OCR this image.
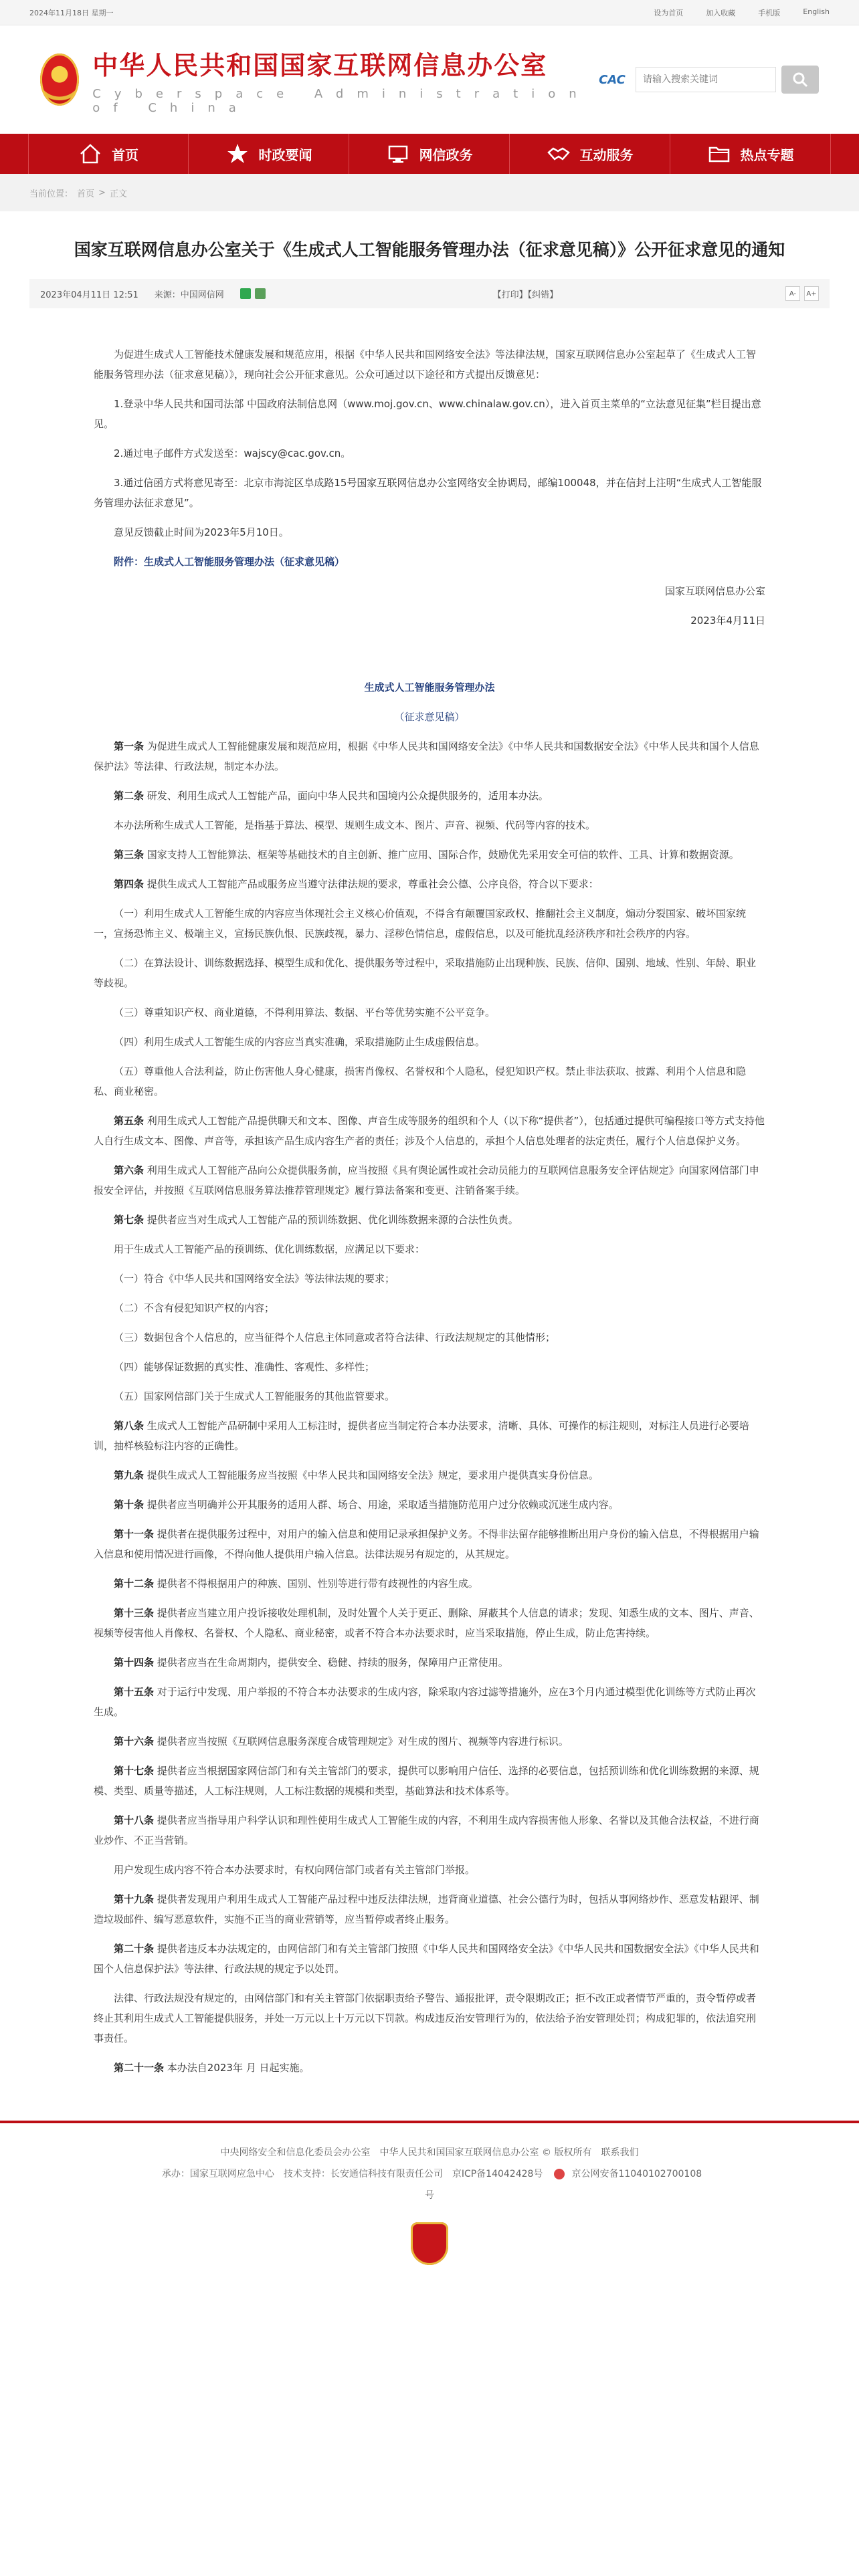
2024年11月18日 星期一	设为首页	加入收藏	手机版	English
中华人民共和国国家互联网信息办公室
Cyberspace Administration of China
CAC
请输入搜索关键词
首页	时政要闻	网信政务	互动服务	热点专题
当前位置： 首页 > 正文
国家互联网信息办公室关于《生成式人工智能服务管理办法（征求意见稿）》公开征求意见的通知
2023年04月11日 12:51 来源：中国网信网	【打印】【纠错】	A-	A+

为促进生成式人工智能技术健康发展和规范应用，根据《中华人民共和国网络安全法》等法律法规，国家互联网信息办公室起草了《生成式人工智能服务管理办法（征求意见稿）》，现向社会公开征求意见。公众可通过以下途径和方式提出反馈意见：

1.登录中华人民共和国司法部 中国政府法制信息网（www.moj.gov.cn、www.chinalaw.gov.cn），进入首页主菜单的“立法意见征集”栏目提出意见。

2.通过电子邮件方式发送至：wajscy@cac.gov.cn。

3.通过信函方式将意见寄至：北京市海淀区阜成路15号国家互联网信息办公室网络安全协调局，邮编100048，并在信封上注明“生成式人工智能服务管理办法征求意见”。

意见反馈截止时间为2023年5月10日。

附件：生成式人工智能服务管理办法（征求意见稿）

国家互联网信息办公室

2023年4月11日

生成式人工智能服务管理办法

（征求意见稿）

第一条 为促进生成式人工智能健康发展和规范应用，根据《中华人民共和国网络安全法》《中华人民共和国数据安全法》《中华人民共和国个人信息保护法》等法律、行政法规，制定本办法。

第二条 研发、利用生成式人工智能产品，面向中华人民共和国境内公众提供服务的，适用本办法。

本办法所称生成式人工智能，是指基于算法、模型、规则生成文本、图片、声音、视频、代码等内容的技术。

第三条 国家支持人工智能算法、框架等基础技术的自主创新、推广应用、国际合作，鼓励优先采用安全可信的软件、工具、计算和数据资源。

第四条 提供生成式人工智能产品或服务应当遵守法律法规的要求，尊重社会公德、公序良俗，符合以下要求：

（一）利用生成式人工智能生成的内容应当体现社会主义核心价值观，不得含有颠覆国家政权、推翻社会主义制度，煽动分裂国家、破坏国家统一，宣扬恐怖主义、极端主义，宣扬民族仇恨、民族歧视，暴力、淫秽色情信息，虚假信息，以及可能扰乱经济秩序和社会秩序的内容。

（二）在算法设计、训练数据选择、模型生成和优化、提供服务等过程中，采取措施防止出现种族、民族、信仰、国别、地域、性别、年龄、职业等歧视。

（三）尊重知识产权、商业道德，不得利用算法、数据、平台等优势实施不公平竞争。

（四）利用生成式人工智能生成的内容应当真实准确，采取措施防止生成虚假信息。

（五）尊重他人合法利益，防止伤害他人身心健康，损害肖像权、名誉权和个人隐私，侵犯知识产权。禁止非法获取、披露、利用个人信息和隐私、商业秘密。

第五条 利用生成式人工智能产品提供聊天和文本、图像、声音生成等服务的组织和个人（以下称“提供者”），包括通过提供可编程接口等方式支持他人自行生成文本、图像、声音等，承担该产品生成内容生产者的责任；涉及个人信息的，承担个人信息处理者的法定责任，履行个人信息保护义务。

第六条 利用生成式人工智能产品向公众提供服务前，应当按照《具有舆论属性或社会动员能力的互联网信息服务安全评估规定》向国家网信部门申报安全评估，并按照《互联网信息服务算法推荐管理规定》履行算法备案和变更、注销备案手续。

第七条 提供者应当对生成式人工智能产品的预训练数据、优化训练数据来源的合法性负责。

用于生成式人工智能产品的预训练、优化训练数据，应满足以下要求：

（一）符合《中华人民共和国网络安全法》等法律法规的要求；

（二）不含有侵犯知识产权的内容；

（三）数据包含个人信息的，应当征得个人信息主体同意或者符合法律、行政法规规定的其他情形；

（四）能够保证数据的真实性、准确性、客观性、多样性；

（五）国家网信部门关于生成式人工智能服务的其他监管要求。

第八条 生成式人工智能产品研制中采用人工标注时，提供者应当制定符合本办法要求，清晰、具体、可操作的标注规则，对标注人员进行必要培训，抽样核验标注内容的正确性。

第九条 提供生成式人工智能服务应当按照《中华人民共和国网络安全法》规定，要求用户提供真实身份信息。

第十条 提供者应当明确并公开其服务的适用人群、场合、用途，采取适当措施防范用户过分依赖或沉迷生成内容。

第十一条 提供者在提供服务过程中，对用户的输入信息和使用记录承担保护义务。不得非法留存能够推断出用户身份的输入信息，不得根据用户输入信息和使用情况进行画像，不得向他人提供用户输入信息。法律法规另有规定的，从其规定。

第十二条 提供者不得根据用户的种族、国别、性别等进行带有歧视性的内容生成。

第十三条 提供者应当建立用户投诉接收处理机制，及时处置个人关于更正、删除、屏蔽其个人信息的请求；发现、知悉生成的文本、图片、声音、视频等侵害他人肖像权、名誉权、个人隐私、商业秘密，或者不符合本办法要求时，应当采取措施，停止生成，防止危害持续。

第十四条 提供者应当在生命周期内，提供安全、稳健、持续的服务，保障用户正常使用。

第十五条 对于运行中发现、用户举报的不符合本办法要求的生成内容，除采取内容过滤等措施外，应在3个月内通过模型优化训练等方式防止再次生成。

第十六条 提供者应当按照《互联网信息服务深度合成管理规定》对生成的图片、视频等内容进行标识。

第十七条 提供者应当根据国家网信部门和有关主管部门的要求，提供可以影响用户信任、选择的必要信息，包括预训练和优化训练数据的来源、规模、类型、质量等描述，人工标注规则，人工标注数据的规模和类型，基础算法和技术体系等。

第十八条 提供者应当指导用户科学认识和理性使用生成式人工智能生成的内容，不利用生成内容损害他人形象、名誉以及其他合法权益，不进行商业炒作、不正当营销。

用户发现生成内容不符合本办法要求时，有权向网信部门或者有关主管部门举报。

第十九条 提供者发现用户利用生成式人工智能产品过程中违反法律法规，违背商业道德、社会公德行为时，包括从事网络炒作、恶意发帖跟评、制造垃圾邮件、编写恶意软件，实施不正当的商业营销等，应当暂停或者终止服务。

第二十条 提供者违反本办法规定的，由网信部门和有关主管部门按照《中华人民共和国网络安全法》《中华人民共和国数据安全法》《中华人民共和国个人信息保护法》等法律、行政法规的规定予以处罚。

法律、行政法规没有规定的，由网信部门和有关主管部门依据职责给予警告、通报批评，责令限期改正；拒不改正或者情节严重的，责令暂停或者终止其利用生成式人工智能提供服务，并处一万元以上十万元以下罚款。构成违反治安管理行为的，依法给予治安管理处罚；构成犯罪的，依法追究刑事责任。

第二十一条 本办法自2023年 月 日起实施。

中央网络安全和信息化委员会办公室　中华人民共和国国家互联网信息办公室 © 版权所有　联系我们
承办：国家互联网应急中心　技术支持：长安通信科技有限责任公司　京ICP备14042428号　 京公网安备11040102700108
号
